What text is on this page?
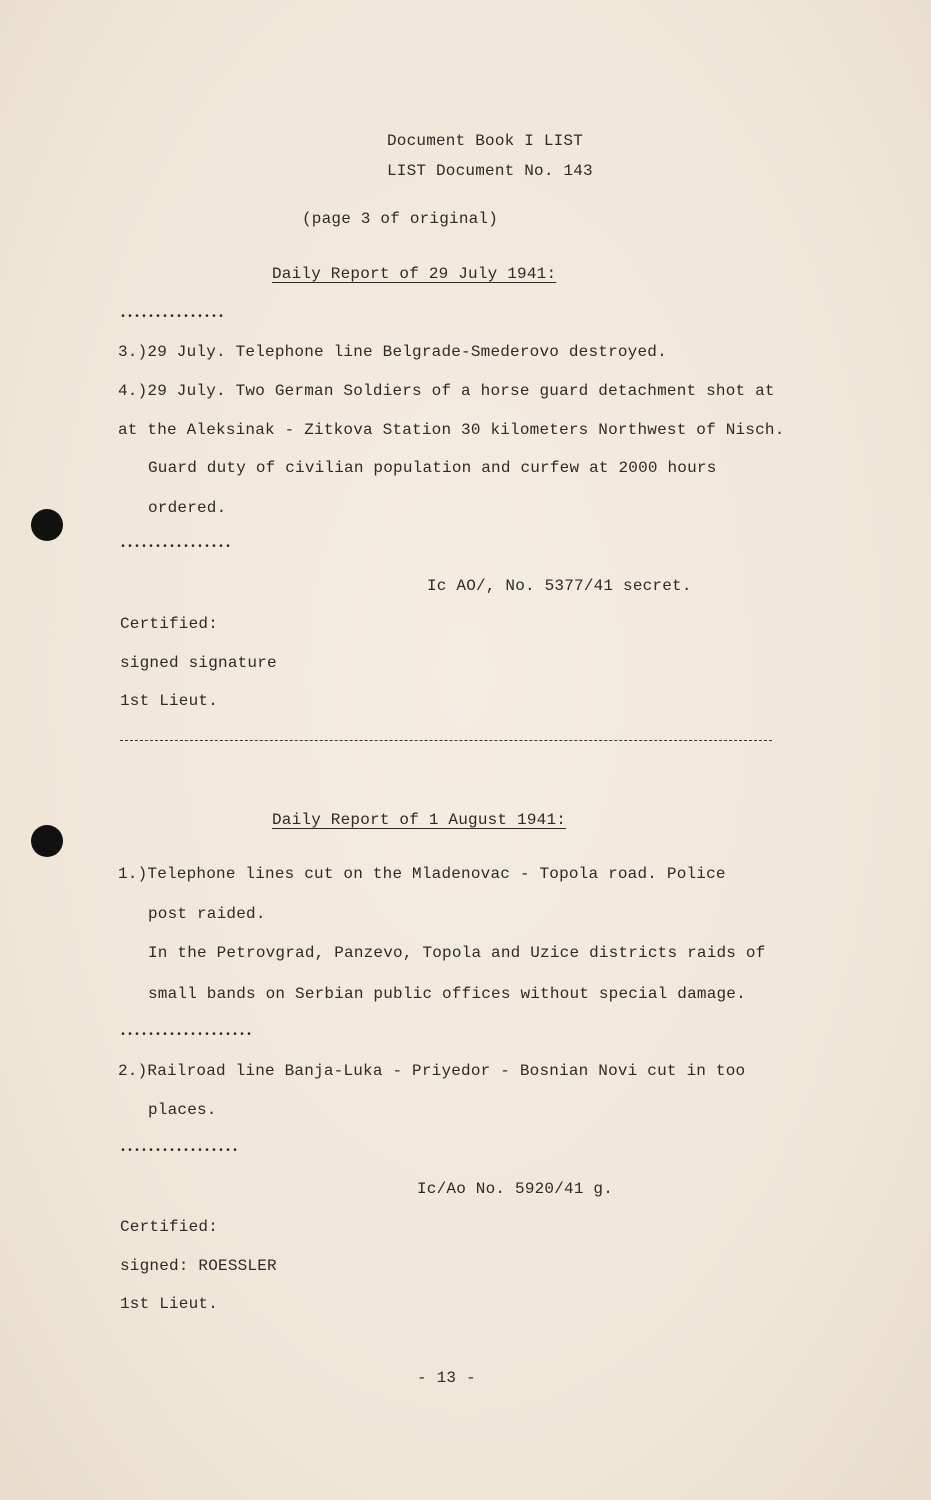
Document Book I LIST
LIST Document No. 143
(page 3 of original)
Daily Report of 29 July 1941:
•••••••••••••••
3.)29 July. Telephone line Belgrade-Smederovo destroyed.
4.)29 July. Two German Soldiers of a horse guard detachment shot at
at the Aleksinak - Zitkova Station 30 kilometers Northwest of Nisch.
Guard duty of civilian population and curfew at 2000 hours
ordered.
••••••••••••••••
Ic AO/, No. 5377/41 secret.
Certified:
signed signature
1st Lieut.
Daily Report of 1 August 1941:
1.)Telephone lines cut on the Mladenovac - Topola road. Police
post raided.
In the Petrovgrad, Panzevo, Topola and Uzice districts raids of
small bands on Serbian public offices without special damage.
•••••••••••••••••••
2.)Railroad line Banja-Luka - Priyedor - Bosnian Novi cut in too
places.
•••••••••••••••••
Ic/Ao No. 5920/41 g.
Certified:
signed: ROESSLER
1st Lieut.
- 13 -
